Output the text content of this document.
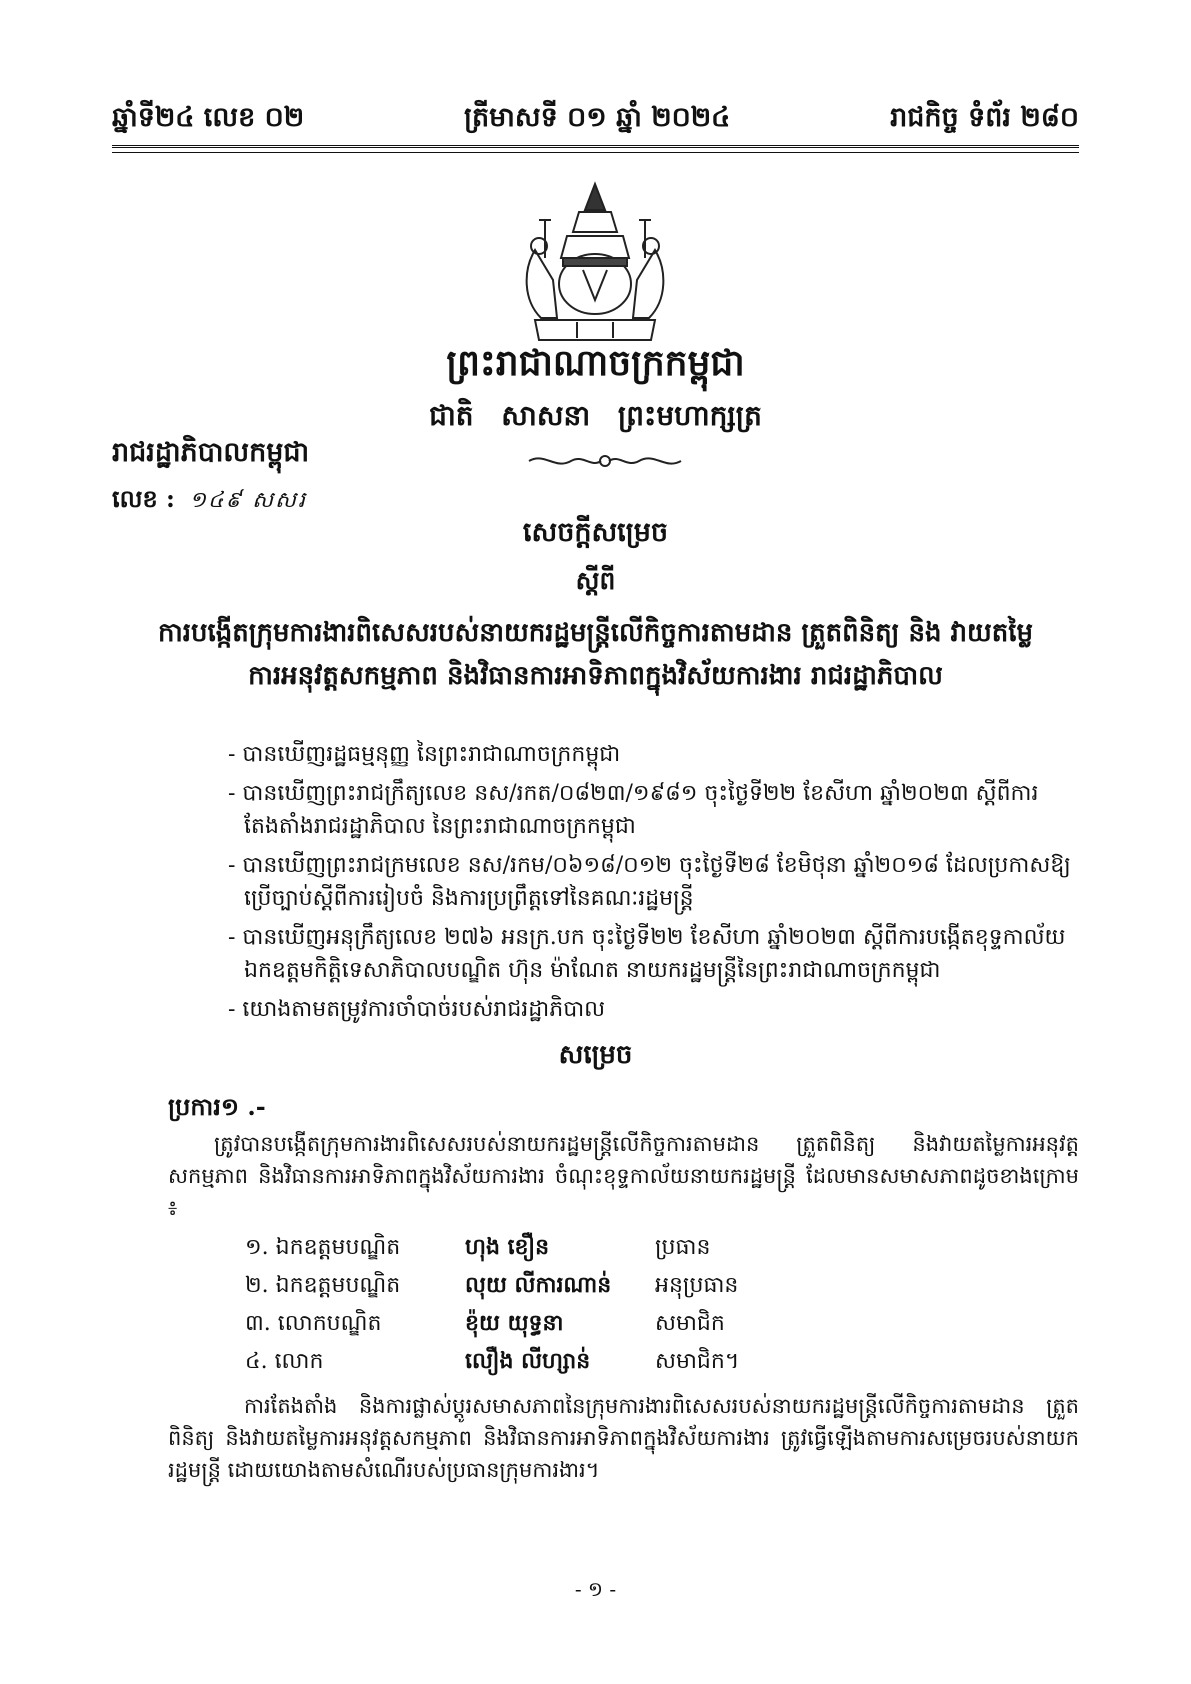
ឆ្នាំទី២៤ លេខ ០២	ត្រីមាសទី ០១ ឆ្នាំ ២០២៤	រាជកិច្ច ទំព័រ ២៨០
ព្រះរាជាណាចក្រកម្ពុជា
ជាតិ សាសនា ព្រះមហាក្សត្រ
រាជរដ្ឋាភិបាលកម្ពុជា
លេខ : ១៤៩ សសរ
សេចក្តីសម្រេច
ស្តីពី
ការបង្កើតក្រុមការងារពិសេសរបស់នាយករដ្ឋមន្ត្រីលើកិច្ចការតាមដាន ត្រួតពិនិត្យ និង វាយតម្លៃការអនុវត្តសកម្មភាព និងវិធានការអាទិភាពក្នុងវិស័យការងារ រាជរដ្ឋាភិបាល
- បានឃើញរដ្ឋធម្មនុញ្ញ នៃព្រះរាជាណាចក្រកម្ពុជា
- បានឃើញព្រះរាជក្រឹត្យលេខ នស/រកត/០៨២៣/១៩៨១ ចុះថ្ងៃទី២២ ខែសីហា ឆ្នាំ២០២៣ ស្តីពីការ តែងតាំងរាជរដ្ឋាភិបាល នៃព្រះរាជាណាចក្រកម្ពុជា
- បានឃើញព្រះរាជក្រមលេខ នស/រកម/០៦១៨/០១២ ចុះថ្ងៃទី២៨ ខែមិថុនា ឆ្នាំ២០១៨ ដែលប្រកាសឱ្យ ប្រើច្បាប់ស្តីពីការរៀបចំ និងការប្រព្រឹត្តទៅនៃគណៈរដ្ឋមន្ត្រី
- បានឃើញអនុក្រឹត្យលេខ ២៧៦ អនក្រ.បក ចុះថ្ងៃទី២២ ខែសីហា ឆ្នាំ២០២៣ ស្តីពីការបង្កើតខុទ្ទកាល័យ ឯកឧត្តមកិត្តិទេសាភិបាលបណ្ឌិត ហ៊ុន ម៉ាណែត នាយករដ្ឋមន្ត្រីនៃព្រះរាជាណាចក្រកម្ពុជា
- យោងតាមតម្រូវការចាំបាច់របស់រាជរដ្ឋាភិបាល
សម្រេច
ប្រការ១ .-
ត្រូវបានបង្កើតក្រុមការងារពិសេសរបស់នាយករដ្ឋមន្ត្រីលើកិច្ចការតាមដាន ត្រួតពិនិត្យ និងវាយតម្លៃការអនុវត្តសកម្មភាព និងវិធានការអាទិភាពក្នុងវិស័យការងារ ចំណុះខុទ្ទកាល័យនាយករដ្ឋមន្ត្រី ដែលមានសមាសភាពដូចខាងក្រោម ៖
១. ឯកឧត្តមបណ្ឌិត	ហុង ខឿន	ប្រធាន
២. ឯកឧត្តមបណ្ឌិត	លុយ លីការណាន់	អនុប្រធាន
៣. លោកបណ្ឌិត	ខ៉ុយ យុទ្ធនា	សមាជិក
៤. លោក	លឿង លីហ្សាន់	សមាជិក។
ការតែងតាំង និងការផ្លាស់ប្តូរសមាសភាពនៃក្រុមការងារពិសេសរបស់នាយករដ្ឋមន្ត្រីលើកិច្ចការតាមដាន ត្រួតពិនិត្យ និងវាយតម្លៃការអនុវត្តសកម្មភាព និងវិធានការអាទិភាពក្នុងវិស័យការងារ ត្រូវធ្វើឡើងតាមការសម្រេចរបស់នាយករដ្ឋមន្ត្រី ដោយយោងតាមសំណើរបស់ប្រធានក្រុមការងារ។
- ១ -
